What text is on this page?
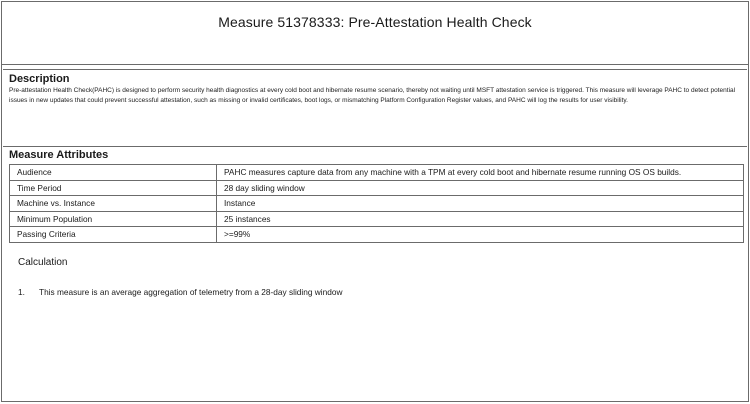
Measure 51378333: Pre-Attestation Health Check

Description

Pre-attestation Health Check(PAHC) is designed to perform security health diagnostics at every cold boot and hibernate resume scenario, thereby not waiting until MSFT attestation service is triggered. This measure will leverage PAHC to detect potential issues in new updates that could prevent successful attestation, such as missing or invalid certificates, boot logs, or mismatching Platform Configuration Register values, and PAHC will log the results for user visibility.

Measure Attributes

Audience	PAHC measures capture data from any machine with a TPM at every cold boot and hibernate resume running OS OS builds.
Time Period	28 day sliding window
Machine vs. Instance	Instance
Minimum Population	25 instances
Passing Criteria	>=99%
Calculation
1.	This measure is an average aggregation of telemetry from a 28-day sliding window
